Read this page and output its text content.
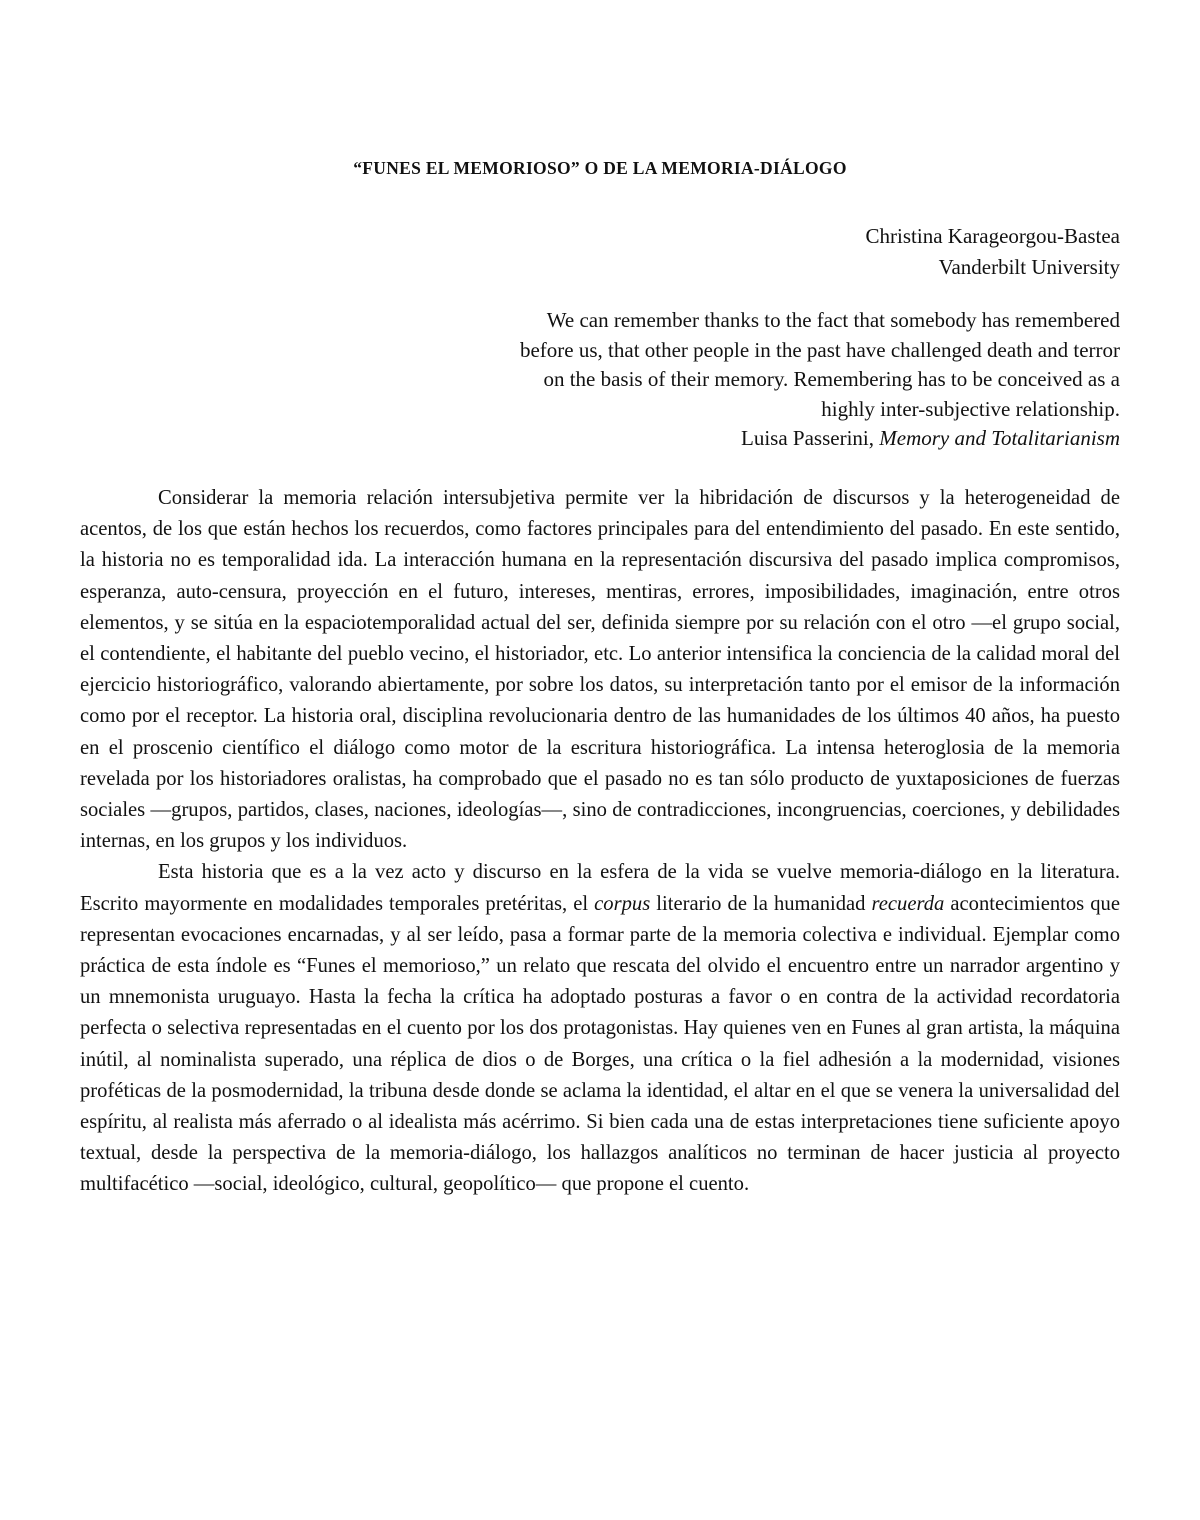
“FUNES EL MEMORIOSO” O DE LA MEMORIA-DIÁLOGO
Christina Karageorgou-Bastea
Vanderbilt University
We can remember thanks to the fact that somebody has remembered
before us, that other people in the past have challenged death and terror
on the basis of their memory. Remembering has to be conceived as a
highly inter-subjective relationship.
Luisa Passerini, Memory and Totalitarianism

Considerar la memoria relación intersubjetiva permite ver la hibridación de discursos y la heterogeneidad de acentos, de los que están hechos los recuerdos, como factores principales para del entendimiento del pasado. En este sentido, la historia no es temporalidad ida. La interacción humana en la representación discursiva del pasado implica compromisos, esperanza, auto-censura, proyección en el futuro, intereses, mentiras, errores, imposibilidades, imaginación, entre otros elementos, y se sitúa en la espaciotemporalidad actual del ser, definida siempre por su relación con el otro —el grupo social, el contendiente, el habitante del pueblo vecino, el historiador, etc. Lo anterior intensifica la conciencia de la calidad moral del ejercicio historiográfico, valorando abiertamente, por sobre los datos, su interpretación tanto por el emisor de la información como por el receptor. La historia oral, disciplina revolucionaria dentro de las humanidades de los últimos 40 años, ha puesto en el proscenio científico el diálogo como motor de la escritura historiográfica. La intensa heteroglosia de la memoria revelada por los historiadores oralistas, ha comprobado que el pasado no es tan sólo producto de yuxtaposiciones de fuerzas sociales —grupos, partidos, clases, naciones, ideologías—, sino de contradicciones, incongruencias, coerciones, y debilidades internas, en los grupos y los individuos.

Esta historia que es a la vez acto y discurso en la esfera de la vida se vuelve memoria-diálogo en la literatura. Escrito mayormente en modalidades temporales pretéritas, el corpus literario de la humanidad recuerda acontecimientos que representan evocaciones encarnadas, y al ser leído, pasa a formar parte de la memoria colectiva e individual. Ejemplar como práctica de esta índole es “Funes el memorioso,” un relato que rescata del olvido el encuentro entre un narrador argentino y un mnemonista uruguayo. Hasta la fecha la crítica ha adoptado posturas a favor o en contra de la actividad recordatoria perfecta o selectiva representadas en el cuento por los dos protagonistas. Hay quienes ven en Funes al gran artista, la máquina inútil, al nominalista superado, una réplica de dios o de Borges, una crítica o la fiel adhesión a la modernidad, visiones proféticas de la posmodernidad, la tribuna desde donde se aclama la identidad, el altar en el que se venera la universalidad del espíritu, al realista más aferrado o al idealista más acérrimo. Si bien cada una de estas interpretaciones tiene suficiente apoyo textual, desde la perspectiva de la memoria-diálogo, los hallazgos analíticos no terminan de hacer justicia al proyecto multifacético —social, ideológico, cultural, geopolítico— que propone el cuento.
